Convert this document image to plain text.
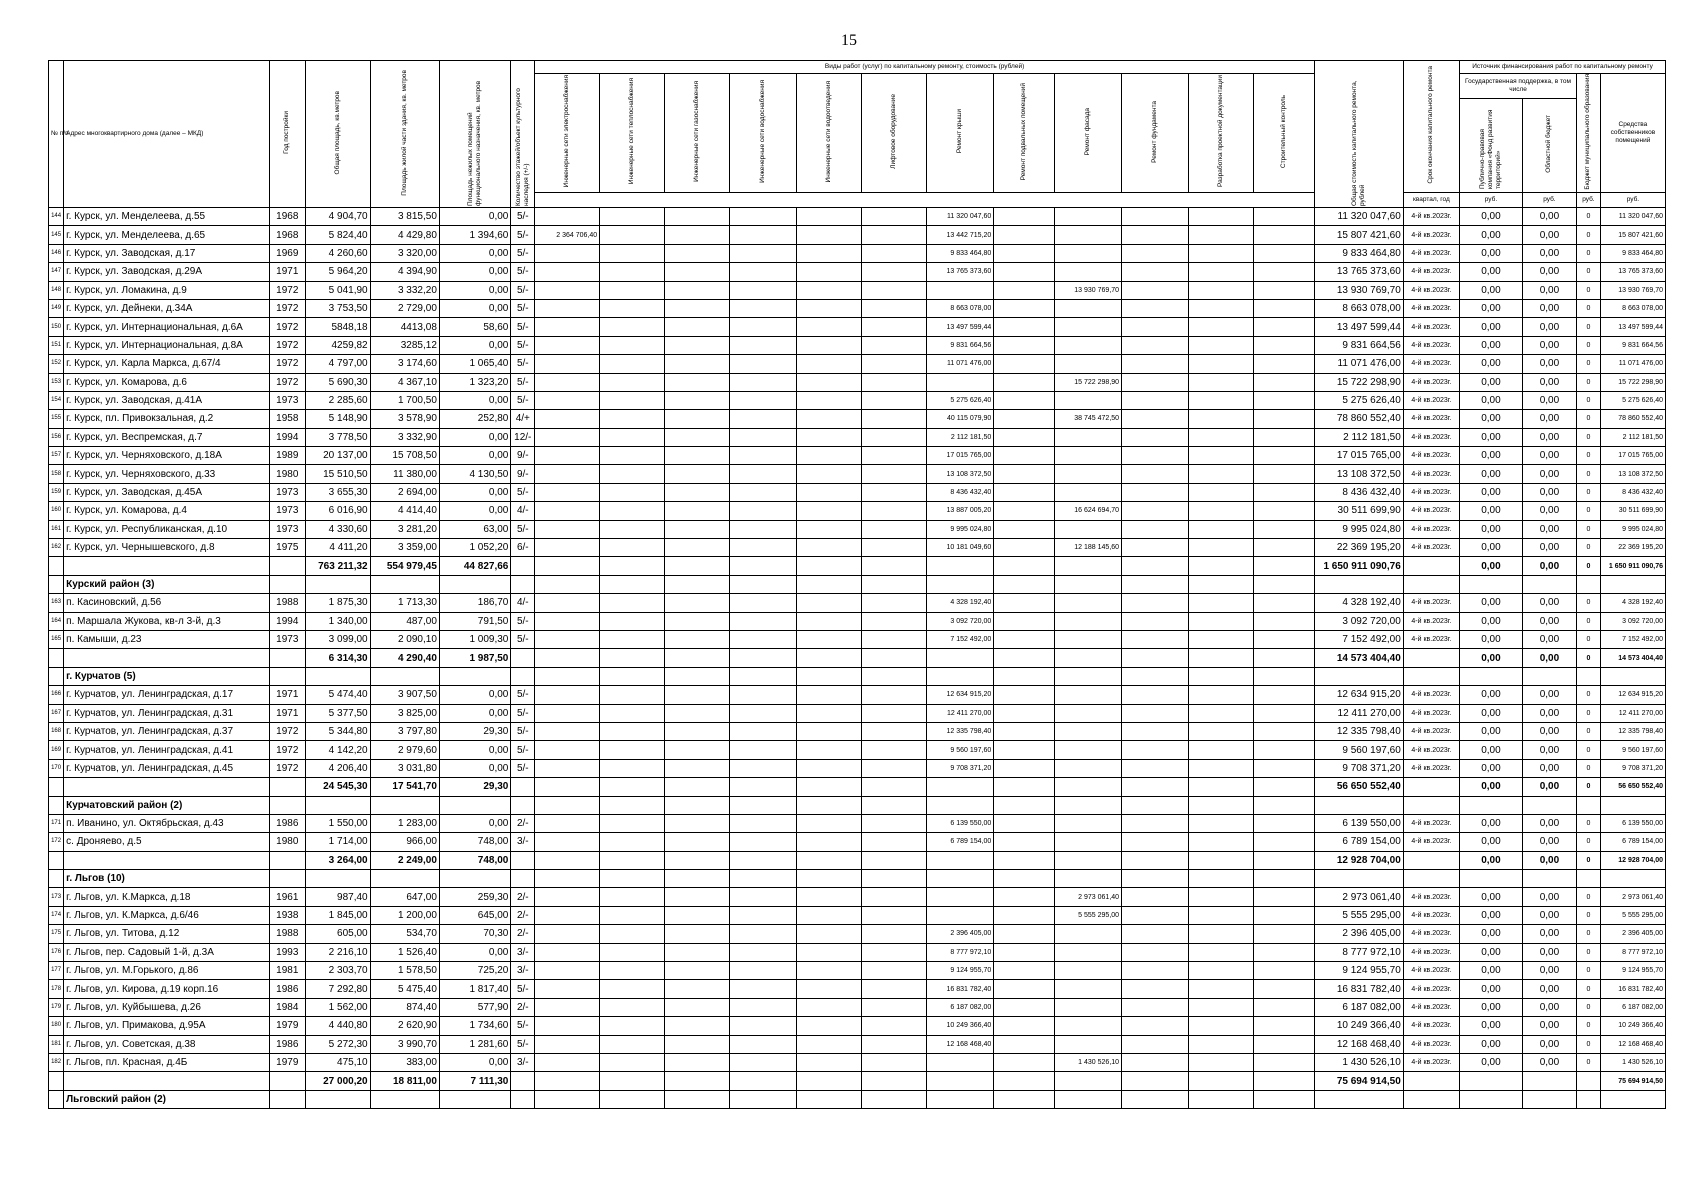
15
№ п/п	Адрес многоквартирного дома (далее – МКД)	Год постройки	Общая площадь, кв.метров	Площадь жилой части здания, кв. метров	Площадь нежилых помещений функционального назначения, кв. метров	Количество этажей/объект культурного наследия (+/-)	Виды работ (услуг) по капитальному ремонту, стоимость (рублей)												Общая стоимость капитального ремонта, рублей	Срок окончания капитального ремонта	Источник финансирования работ по капитальному ремонту			
							Инженерные сети электроснабжения	Инженерные сети теплоснабжения	Инженерные сети газоснабжения	Инженерные сети водоснабжения	Инженерные сети водоотведения	Лифтовое оборудование	Ремонт крыши	Ремонт подвальных помещений	Ремонт фасада	Ремонт фундамента	Разработка проектной документации	Строительный контроль			Государственная поддержка, в том числе		Бюджет муниципального образования	Средства собственников помещений
																					Публично-правовая компания «Фонд развития территорий»	Областной бюджет		
																				квартал, год	руб.	руб.	руб.	руб.
144	г. Курск, ул. Менделеева, д.55	1968	4 904,70	3 815,50	0,00	5/-							11 320 047,60						11 320 047,60	4-й кв.2023г.	0,00	0,00	0	11 320 047,60
145	г. Курск, ул. Менделеева, д.65	1968	5 824,40	4 429,80	1 394,60	5/-	2 364 706,40						13 442 715,20						15 807 421,60	4-й кв.2023г.	0,00	0,00	0	15 807 421,60
146	г. Курск, ул. Заводская, д.17	1969	4 260,60	3 320,00	0,00	5/-							9 833 464,80						9 833 464,80	4-й кв.2023г.	0,00	0,00	0	9 833 464,80
147	г. Курск, ул. Заводская, д.29А	1971	5 964,20	4 394,90	0,00	5/-							13 765 373,60						13 765 373,60	4-й кв.2023г.	0,00	0,00	0	13 765 373,60
148	г. Курск, ул. Ломакина, д.9	1972	5 041,90	3 332,20	0,00	5/-									13 930 769,70				13 930 769,70	4-й кв.2023г.	0,00	0,00	0	13 930 769,70
149	г. Курск, ул. Дейнеки, д.34А	1972	3 753,50	2 729,00	0,00	5/-							8 663 078,00						8 663 078,00	4-й кв.2023г.	0,00	0,00	0	8 663 078,00
150	г. Курск, ул. Интернациональная, д.6А	1972	5848,18	4413,08	58,60	5/-							13 497 599,44						13 497 599,44	4-й кв.2023г.	0,00	0,00	0	13 497 599,44
151	г. Курск, ул. Интернациональная, д.8А	1972	4259,82	3285,12	0,00	5/-							9 831 664,56						9 831 664,56	4-й кв.2023г.	0,00	0,00	0	9 831 664,56
152	г. Курск, ул. Карла Маркса, д.67/4	1972	4 797,00	3 174,60	1 065,40	5/-							11 071 476,00						11 071 476,00	4-й кв.2023г.	0,00	0,00	0	11 071 476,00
153	г. Курск, ул. Комарова, д.6	1972	5 690,30	4 367,10	1 323,20	5/-									15 722 298,90				15 722 298,90	4-й кв.2023г.	0,00	0,00	0	15 722 298,90
154	г. Курск, ул. Заводская, д.41А	1973	2 285,60	1 700,50	0,00	5/-							5 275 626,40						5 275 626,40	4-й кв.2023г.	0,00	0,00	0	5 275 626,40
155	г. Курск, пл. Привокзальная, д.2	1958	5 148,90	3 578,90	252,80	4/+							40 115 079,90		38 745 472,50				78 860 552,40	4-й кв.2023г.	0,00	0,00	0	78 860 552,40
156	г. Курск, ул. Веспремская, д.7	1994	3 778,50	3 332,90	0,00	12/-							2 112 181,50						2 112 181,50	4-й кв.2023г.	0,00	0,00	0	2 112 181,50
157	г. Курск, ул. Черняховского, д.18А	1989	20 137,00	15 708,50	0,00	9/-							17 015 765,00						17 015 765,00	4-й кв.2023г.	0,00	0,00	0	17 015 765,00
158	г. Курск, ул. Черняховского, д.33	1980	15 510,50	11 380,00	4 130,50	9/-							13 108 372,50						13 108 372,50	4-й кв.2023г.	0,00	0,00	0	13 108 372,50
159	г. Курск, ул. Заводская, д.45А	1973	3 655,30	2 694,00	0,00	5/-							8 436 432,40						8 436 432,40	4-й кв.2023г.	0,00	0,00	0	8 436 432,40
160	г. Курск, ул. Комарова, д.4	1973	6 016,90	4 414,40	0,00	4/-							13 887 005,20		16 624 694,70				30 511 699,90	4-й кв.2023г.	0,00	0,00	0	30 511 699,90
161	г. Курск, ул. Республиканская, д.10	1973	4 330,60	3 281,20	63,00	5/-							9 995 024,80						9 995 024,80	4-й кв.2023г.	0,00	0,00	0	9 995 024,80
162	г. Курск, ул. Чернышевского, д.8	1975	4 411,20	3 359,00	1 052,20	6/-							10 181 049,60		12 188 145,60				22 369 195,20	4-й кв.2023г.	0,00	0,00	0	22 369 195,20
			763 211,32	554 979,45	44 827,66														1 650 911 090,76		0,00	0,00	0	1 650 911 090,76
	Курский район (3)																							
163	п. Касиновский, д.56	1988	1 875,30	1 713,30	186,70	4/-							4 328 192,40						4 328 192,40	4-й кв.2023г.	0,00	0,00	0	4 328 192,40
164	п. Маршала Жукова, кв-л 3-й, д.3	1994	1 340,00	487,00	791,50	5/-							3 092 720,00						3 092 720,00	4-й кв.2023г.	0,00	0,00	0	3 092 720,00
165	п. Камыши, д.23	1973	3 099,00	2 090,10	1 009,30	5/-							7 152 492,00						7 152 492,00	4-й кв.2023г.	0,00	0,00	0	7 152 492,00
			6 314,30	4 290,40	1 987,50														14 573 404,40		0,00	0,00	0	14 573 404,40
	г. Курчатов (5)																							
166	г. Курчатов, ул. Ленинградская, д.17	1971	5 474,40	3 907,50	0,00	5/-							12 634 915,20						12 634 915,20	4-й кв.2023г.	0,00	0,00	0	12 634 915,20
167	г. Курчатов, ул. Ленинградская, д.31	1971	5 377,50	3 825,00	0,00	5/-							12 411 270,00						12 411 270,00	4-й кв.2023г.	0,00	0,00	0	12 411 270,00
168	г. Курчатов, ул. Ленинградская, д.37	1972	5 344,80	3 797,80	29,30	5/-							12 335 798,40						12 335 798,40	4-й кв.2023г.	0,00	0,00	0	12 335 798,40
169	г. Курчатов, ул. Ленинградская, д.41	1972	4 142,20	2 979,60	0,00	5/-							9 560 197,60						9 560 197,60	4-й кв.2023г.	0,00	0,00	0	9 560 197,60
170	г. Курчатов, ул. Ленинградская, д.45	1972	4 206,40	3 031,80	0,00	5/-							9 708 371,20						9 708 371,20	4-й кв.2023г.	0,00	0,00	0	9 708 371,20
			24 545,30	17 541,70	29,30														56 650 552,40		0,00	0,00	0	56 650 552,40
	Курчатовский район (2)																							
171	п. Иванино, ул. Октябрьская, д.43	1986	1 550,00	1 283,00	0,00	2/-							6 139 550,00						6 139 550,00	4-й кв.2023г.	0,00	0,00	0	6 139 550,00
172	с. Дроняево, д.5	1980	1 714,00	966,00	748,00	3/-							6 789 154,00						6 789 154,00	4-й кв.2023г.	0,00	0,00	0	6 789 154,00
			3 264,00	2 249,00	748,00														12 928 704,00		0,00	0,00	0	12 928 704,00
	г. Льгов (10)																							
173	г. Льгов, ул. К.Маркса, д.18	1961	987,40	647,00	259,30	2/-									2 973 061,40				2 973 061,40	4-й кв.2023г.	0,00	0,00	0	2 973 061,40
174	г. Льгов, ул. К.Маркса, д.6/46	1938	1 845,00	1 200,00	645,00	2/-									5 555 295,00				5 555 295,00	4-й кв.2023г.	0,00	0,00	0	5 555 295,00
175	г. Льгов, ул. Титова, д.12	1988	605,00	534,70	70,30	2/-							2 396 405,00						2 396 405,00	4-й кв.2023г.	0,00	0,00	0	2 396 405,00
176	г. Льгов, пер. Садовый 1-й, д.3А	1993	2 216,10	1 526,40	0,00	3/-							8 777 972,10						8 777 972,10	4-й кв.2023г.	0,00	0,00	0	8 777 972,10
177	г. Льгов, ул. М.Горького, д.86	1981	2 303,70	1 578,50	725,20	3/-							9 124 955,70						9 124 955,70	4-й кв.2023г.	0,00	0,00	0	9 124 955,70
178	г. Льгов, ул. Кирова, д.19 корп.16	1986	7 292,80	5 475,40	1 817,40	5/-							16 831 782,40						16 831 782,40	4-й кв.2023г.	0,00	0,00	0	16 831 782,40
179	г. Льгов, ул. Куйбышева, д.26	1984	1 562,00	874,40	577,90	2/-							6 187 082,00						6 187 082,00	4-й кв.2023г.	0,00	0,00	0	6 187 082,00
180	г. Льгов, ул. Примакова, д.95А	1979	4 440,80	2 620,90	1 734,60	5/-							10 249 366,40						10 249 366,40	4-й кв.2023г.	0,00	0,00	0	10 249 366,40
181	г. Льгов, ул. Советская, д.38	1986	5 272,30	3 990,70	1 281,60	5/-							12 168 468,40						12 168 468,40	4-й кв.2023г.	0,00	0,00	0	12 168 468,40
182	г. Льгов, пл. Красная, д.4Б	1979	475,10	383,00	0,00	3/-									1 430 526,10				1 430 526,10	4-й кв.2023г.	0,00	0,00	0	1 430 526,10
			27 000,20	18 811,00	7 111,30														75 694 914,50					75 694 914,50
	Льговский район (2)																							
